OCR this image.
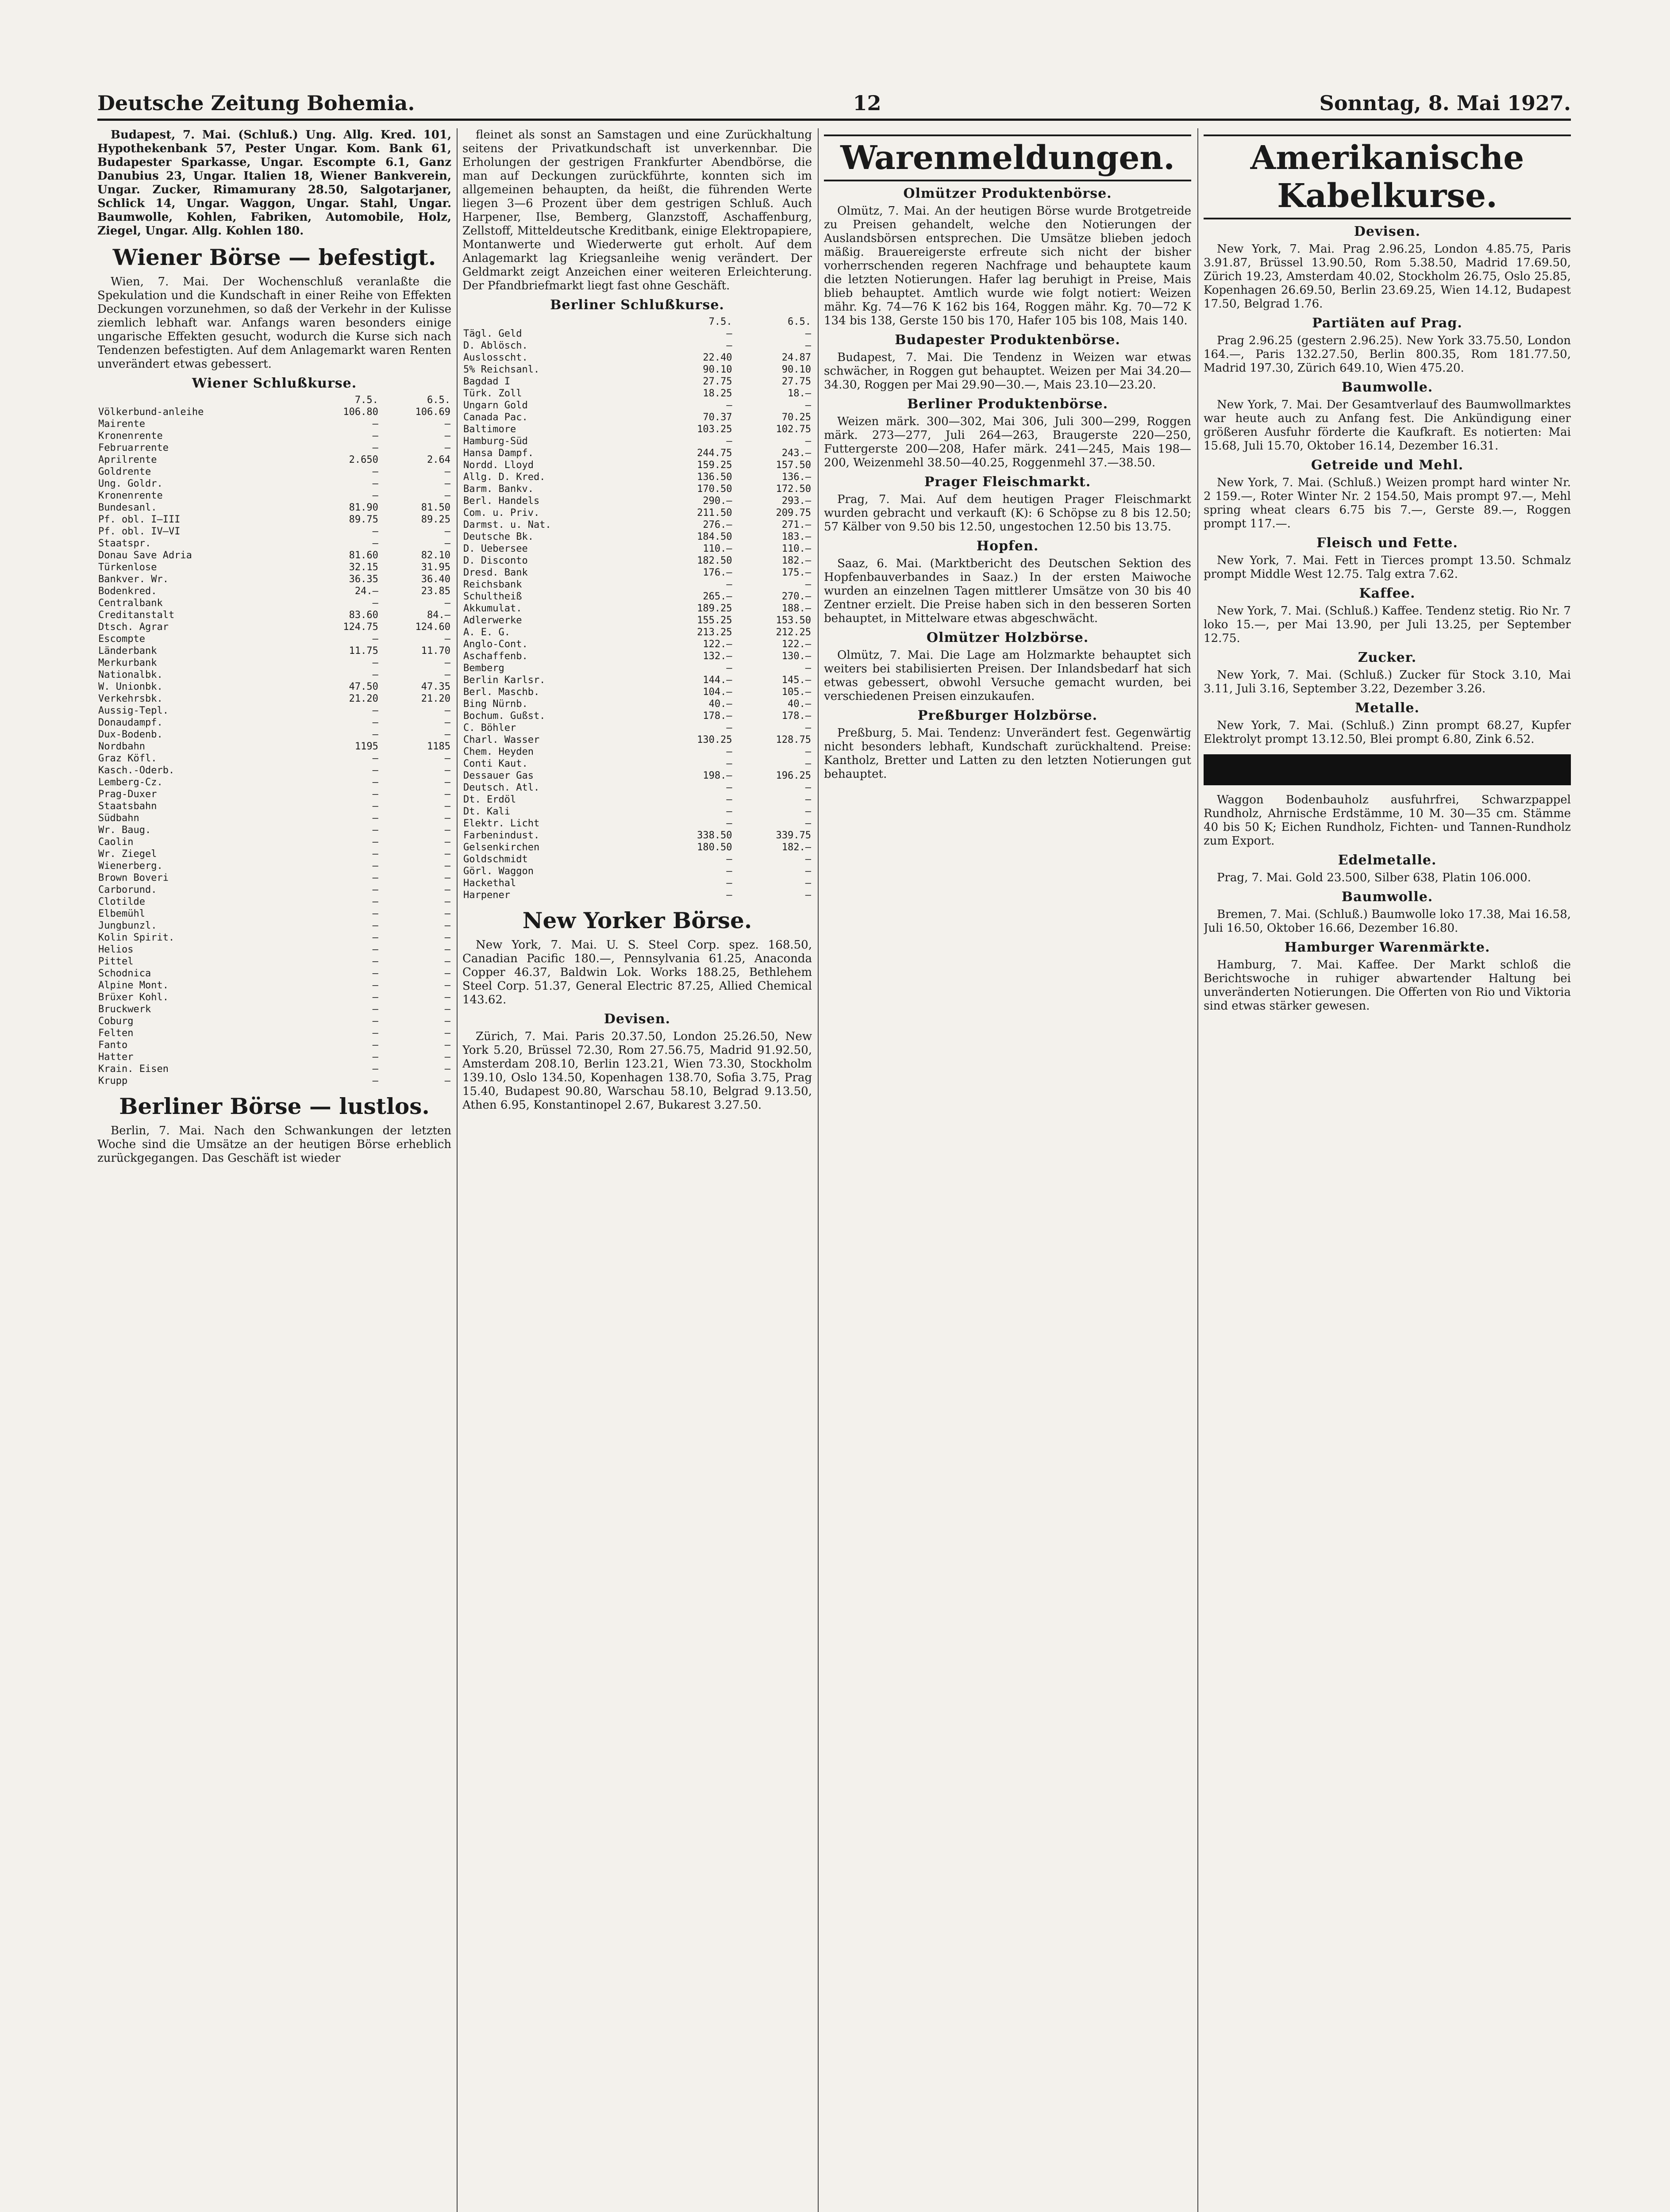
Deutsche Zeitung Bohemia.	12	Sonntag, 8. Mai 1927.

Budapest, 7. Mai. (Schluß.) Ung. Allg. Kred. 101, Hypothekenbank 57, Pester Ungar. Kom. Bank 61, Budapester Sparkasse, Ungar. Escompte 6.1, Ganz Danubius 23, Ungar. Italien 18, Wiener Bankverein, Ungar. Zucker, Rimamurany 28.50, Salgotarjaner, Schlick 14, Ungar. Waggon, Ungar. Stahl, Ungar. Baumwolle, Kohlen, Fabriken, Automobile, Holz, Ziegel, Ungar. Allg. Kohlen 180.

Wiener Börse — befestigt.

Wien, 7. Mai. Der Wochenschluß veranlaßte die Spekulation und die Kundschaft in einer Reihe von Effekten Deckungen vorzunehmen, so daß der Verkehr in der Kulisse ziemlich lebhaft war. Anfangs waren besonders einige ungarische Effekten gesucht, wodurch die Kurse sich nach Tendenzen befestigten. Auf dem Anlagemarkt waren Renten unverändert etwas gebessert.

Wiener Schlußkurse.
	7.5.	6.5.
Völkerbund-anleihe	106.80	106.69
Mairente	—	—
Kronenrente	—	—
Februarrente	—	—
Aprilrente	2.650	2.64
Goldrente	—	—
Ung. Goldr.	—	—
Kronenrente	—	—
Bundesanl.	81.90	81.50
Pf. obl. I—III	89.75	89.25
Pf. obl. IV—VI	—	—
Staatspr.	—	—
Donau Save Adria	81.60	82.10
Türkenlose	32.15	31.95
Bankver. Wr.	36.35	36.40
Bodenkred.	24.—	23.85
Centralbank	—	—
Creditanstalt	83.60	84.—
Dtsch. Agrar	124.75	124.60
Escompte	—	—
Länderbank	11.75	11.70
Merkurbank	—	—
Nationalbk.	—	—
W. Unionbk.	47.50	47.35
Verkehrsbk.	21.20	21.20
Aussig-Tepl.	—	—
Donaudampf.	—	—
Dux-Bodenb.	—	—
Nordbahn	1195	1185
Graz Köfl.	—	—
Kasch.-Oderb.	—	—
Lemberg-Cz.	—	—
Prag-Duxer	—	—
Staatsbahn	—	—
Südbahn	—	—
Wr. Baug.	—	—
Caolin	—	—
Wr. Ziegel	—	—
Wienerberg.	—	—
Brown Boveri	—	—
Carborund.	—	—
Clotilde	—	—
Elbemühl	—	—
Jungbunzl.	—	—
Kolin Spirit.	—	—
Helios	—	—
Pittel	—	—
Schodnica	—	—
Alpine Mont.	—	—
Brüxer Kohl.	—	—
Bruckwerk	—	—
Coburg	—	—
Felten	—	—
Fanto	—	—
Hatter	—	—
Krain. Eisen	—	—
Krupp	—	—
Berliner Börse — lustlos.

Berlin, 7. Mai. Nach den Schwankungen der letzten Woche sind die Umsätze an der heutigen Börse erheblich zurückgegangen. Das Geschäft ist wieder

fleinet als sonst an Samstagen und eine Zurückhaltung seitens der Privatkundschaft ist unverkennbar. Die Erholungen der gestrigen Frankfurter Abendbörse, die man auf Deckungen zurückführte, konnten sich im allgemeinen behaupten, da heißt, die führenden Werte liegen 3—6 Prozent über dem gestrigen Schluß. Auch Harpener, Ilse, Bemberg, Glanzstoff, Aschaffenburg, Zellstoff, Mitteldeutsche Kreditbank, einige Elektropapiere, Montanwerte und Wiederwerte gut erholt. Auf dem Anlagemarkt lag Kriegsanleihe wenig verändert. Der Geldmarkt zeigt Anzeichen einer weiteren Erleichterung. Der Pfandbriefmarkt liegt fast ohne Geschäft.

Berliner Schlußkurse.
	7.5.	6.5.
Tägl. Geld	—	—
D. Ablösch.	—	—
Auslosscht.	22.40	24.87
5% Reichsanl.	90.10	90.10
Bagdad I	27.75	27.75
Türk. Zoll	18.25	18.—
Ungarn Gold	—	—
Canada Pac.	70.37	70.25
Baltimore	103.25	102.75
Hamburg-Süd	—	—
Hansa Dampf.	244.75	243.—
Nordd. Lloyd	159.25	157.50
Allg. D. Kred.	136.50	136.—
Barm. Bankv.	170.50	172.50
Berl. Handels	290.—	293.—
Com. u. Priv.	211.50	209.75
Darmst. u. Nat.	276.—	271.—
Deutsche Bk.	184.50	183.—
D. Uebersee	110.—	110.—
D. Disconto	182.50	182.—
Dresd. Bank	176.—	175.—
Reichsbank	—	—
Schultheiß	265.—	270.—
Akkumulat.	189.25	188.—
Adlerwerke	155.25	153.50
A. E. G.	213.25	212.25
Anglo-Cont.	122.—	122.—
Aschaffenb.	132.—	130.—
Bemberg	—	—
Berlin Karlsr.	144.—	145.—
Berl. Maschb.	104.—	105.—
Bing Nürnb.	40.—	40.—
Bochum. Gußst.	178.—	178.—
C. Böhler	—	—
Charl. Wasser	130.25	128.75
Chem. Heyden	—	—
Conti Kaut.	—	—
Dessauer Gas	198.—	196.25
Deutsch. Atl.	—	—
Dt. Erdöl	—	—
Dt. Kali	—	—
Elektr. Licht	—	—
Farbenindust.	338.50	339.75
Gelsenkirchen	180.50	182.—
Goldschmidt	—	—
Görl. Waggon	—	—
Hackethal	—	—
Harpener	—	—
New Yorker Börse.

New York, 7. Mai. U. S. Steel Corp. spez. 168.50, Canadian Pacific 180.—, Pennsylvania 61.25, Anaconda Copper 46.37, Baldwin Lok. Works 188.25, Bethlehem Steel Corp. 51.37, General Electric 87.25, Allied Chemical 143.62.

Devisen.

Zürich, 7. Mai. Paris 20.37.50, London 25.26.50, New York 5.20, Brüssel 72.30, Rom 27.56.75, Madrid 91.92.50, Amsterdam 208.10, Berlin 123.21, Wien 73.30, Stockholm 139.10, Oslo 134.50, Kopenhagen 138.70, Sofia 3.75, Prag 15.40, Budapest 90.80, Warschau 58.10, Belgrad 9.13.50, Athen 6.95, Konstantinopel 2.67, Bukarest 3.27.50.

Warenmeldungen.
Olmützer Produktenbörse.

Olmütz, 7. Mai. An der heutigen Börse wurde Brotgetreide zu Preisen gehandelt, welche den Notierungen der Auslandsbörsen entsprechen. Die Umsätze blieben jedoch mäßig. Brauereigerste erfreute sich nicht der bisher vorherrschenden regeren Nachfrage und behauptete kaum die letzten Notierungen. Hafer lag beruhigt in Preise, Mais blieb behauptet. Amtlich wurde wie folgt notiert: Weizen mähr. Kg. 74—76 K 162 bis 164, Roggen mähr. Kg. 70—72 K 134 bis 138, Gerste 150 bis 170, Hafer 105 bis 108, Mais 140.

Budapester Produktenbörse.

Budapest, 7. Mai. Die Tendenz in Weizen war etwas schwächer, in Roggen gut behauptet. Weizen per Mai 34.20—34.30, Roggen per Mai 29.90—30.—, Mais 23.10—23.20.

Berliner Produktenbörse.

Weizen märk. 300—302, Mai 306, Juli 300—299, Roggen märk. 273—277, Juli 264—263, Braugerste 220—250, Futtergerste 200—208, Hafer märk. 241—245, Mais 198—200, Weizenmehl 38.50—40.25, Roggenmehl 37.—38.50.

Prager Fleischmarkt.

Prag, 7. Mai. Auf dem heutigen Prager Fleischmarkt wurden gebracht und verkauft (K): 6 Schöpse zu 8 bis 12.50; 57 Kälber von 9.50 bis 12.50, ungestochen 12.50 bis 13.75.

Hopfen.

Saaz, 6. Mai. (Marktbericht des Deutschen Sektion des Hopfenbauverbandes in Saaz.) In der ersten Maiwoche wurden an einzelnen Tagen mittlerer Umsätze von 30 bis 40 Zentner erzielt. Die Preise haben sich in den besseren Sorten behauptet, in Mittelware etwas abgeschwächt.

Olmützer Holzbörse.

Olmütz, 7. Mai. Die Lage am Holzmarkte behauptet sich weiters bei stabilisierten Preisen. Der Inlandsbedarf hat sich etwas gebessert, obwohl Versuche gemacht wurden, bei verschiedenen Preisen einzukaufen.

Preßburger Holzbörse.

Preßburg, 5. Mai. Tendenz: Unverändert fest. Gegenwärtig nicht besonders lebhaft, Kundschaft zurückhaltend. Preise: Kantholz, Bretter und Latten zu den letzten Notierungen gut behauptet.

Amerikanische Kabelkurse.
Devisen.

New York, 7. Mai. Prag 2.96.25, London 4.85.75, Paris 3.91.87, Brüssel 13.90.50, Rom 5.38.50, Madrid 17.69.50, Zürich 19.23, Amsterdam 40.02, Stockholm 26.75, Oslo 25.85, Kopenhagen 26.69.50, Berlin 23.69.25, Wien 14.12, Budapest 17.50, Belgrad 1.76.

Partiäten auf Prag.

Prag 2.96.25 (gestern 2.96.25). New York 33.75.50, London 164.—, Paris 132.27.50, Berlin 800.35, Rom 181.77.50, Madrid 197.30, Zürich 649.10, Wien 475.20.

Baumwolle.

New York, 7. Mai. Der Gesamtverlauf des Baumwollmarktes war heute auch zu Anfang fest. Die Ankündigung einer größeren Ausfuhr förderte die Kaufkraft. Es notierten: Mai 15.68, Juli 15.70, Oktober 16.14, Dezember 16.31.

Getreide und Mehl.

New York, 7. Mai. (Schluß.) Weizen prompt hard winter Nr. 2 159.—, Roter Winter Nr. 2 154.50, Mais prompt 97.—, Mehl spring wheat clears 6.75 bis 7.—, Gerste 89.—, Roggen prompt 117.—.

Fleisch und Fette.

New York, 7. Mai. Fett in Tierces prompt 13.50. Schmalz prompt Middle West 12.75. Talg extra 7.62.

Kaffee.

New York, 7. Mai. (Schluß.) Kaffee. Tendenz stetig. Rio Nr. 7 loko 15.—, per Mai 13.90, per Juli 13.25, per September 12.75.

Zucker.

New York, 7. Mai. (Schluß.) Zucker für Stock 3.10, Mai 3.11, Juli 3.16, September 3.22, Dezember 3.26.

Metalle.

New York, 7. Mai. (Schluß.) Zinn prompt 68.27, Kupfer Elektrolyt prompt 13.12.50, Blei prompt 6.80, Zink 6.52.

Waggon Bodenbauholz ausfuhrfrei, Schwarzpappel Rundholz, Ahrnische Erdstämme, 10 M. 30—35 cm. Stämme 40 bis 50 K; Eichen Rundholz, Fichten- und Tannen-Rundholz zum Export.

Edelmetalle.

Prag, 7. Mai. Gold 23.500, Silber 638, Platin 106.000.

Baumwolle.

Bremen, 7. Mai. (Schluß.) Baumwolle loko 17.38, Mai 16.58, Juli 16.50, Oktober 16.66, Dezember 16.80.

Hamburger Warenmärkte.

Hamburg, 7. Mai. Kaffee. Der Markt schloß die Berichtswoche in ruhiger abwartender Haltung bei unveränderten Notierungen. Die Offerten von Rio und Viktoria sind etwas stärker gewesen.
